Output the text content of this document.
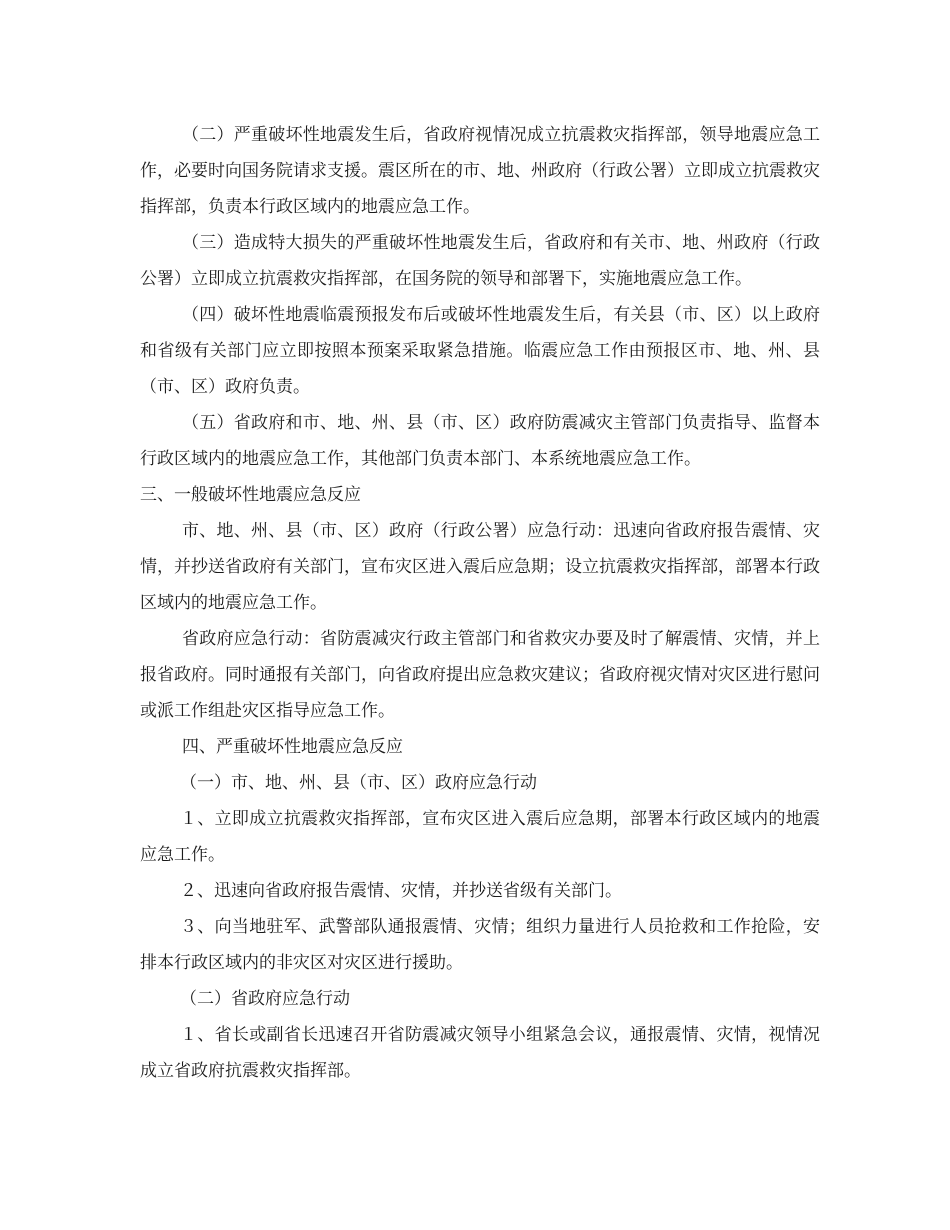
（二）严重破坏性地震发生后，省政府视情况成立抗震救灾指挥部，领导地震应急工作，必要时向国务院请求支援。震区所在的市、地、州政府（行政公署）立即成立抗震救灾指挥部，负责本行政区域内的地震应急工作。

（三）造成特大损失的严重破坏性地震发生后，省政府和有关市、地、州政府（行政公署）立即成立抗震救灾指挥部，在国务院的领导和部署下，实施地震应急工作。

（四）破坏性地震临震预报发布后或破坏性地震发生后，有关县（市、区）以上政府和省级有关部门应立即按照本预案采取紧急措施。临震应急工作由预报区市、地、州、县（市、区）政府负责。

（五）省政府和市、地、州、县（市、区）政府防震减灾主管部门负责指导、监督本行政区域内的地震应急工作，其他部门负责本部门、本系统地震应急工作。

三、一般破坏性地震应急反应

市、地、州、县（市、区）政府（行政公署）应急行动：迅速向省政府报告震情、灾情，并抄送省政府有关部门，宣布灾区进入震后应急期；设立抗震救灾指挥部，部署本行政区域内的地震应急工作。

省政府应急行动：省防震减灾行政主管部门和省救灾办要及时了解震情、灾情，并上报省政府。同时通报有关部门，向省政府提出应急救灾建议；省政府视灾情对灾区进行慰问或派工作组赴灾区指导应急工作。

四、严重破坏性地震应急反应

（一）市、地、州、县（市、区）政府应急行动

１、立即成立抗震救灾指挥部，宣布灾区进入震后应急期，部署本行政区域内的地震应急工作。

２、迅速向省政府报告震情、灾情，并抄送省级有关部门。

３、向当地驻军、武警部队通报震情、灾情；组织力量进行人员抢救和工作抢险，安排本行政区域内的非灾区对灾区进行援助。

（二）省政府应急行动

１、省长或副省长迅速召开省防震减灾领导小组紧急会议，通报震情、灾情，视情况成立省政府抗震救灾指挥部。
